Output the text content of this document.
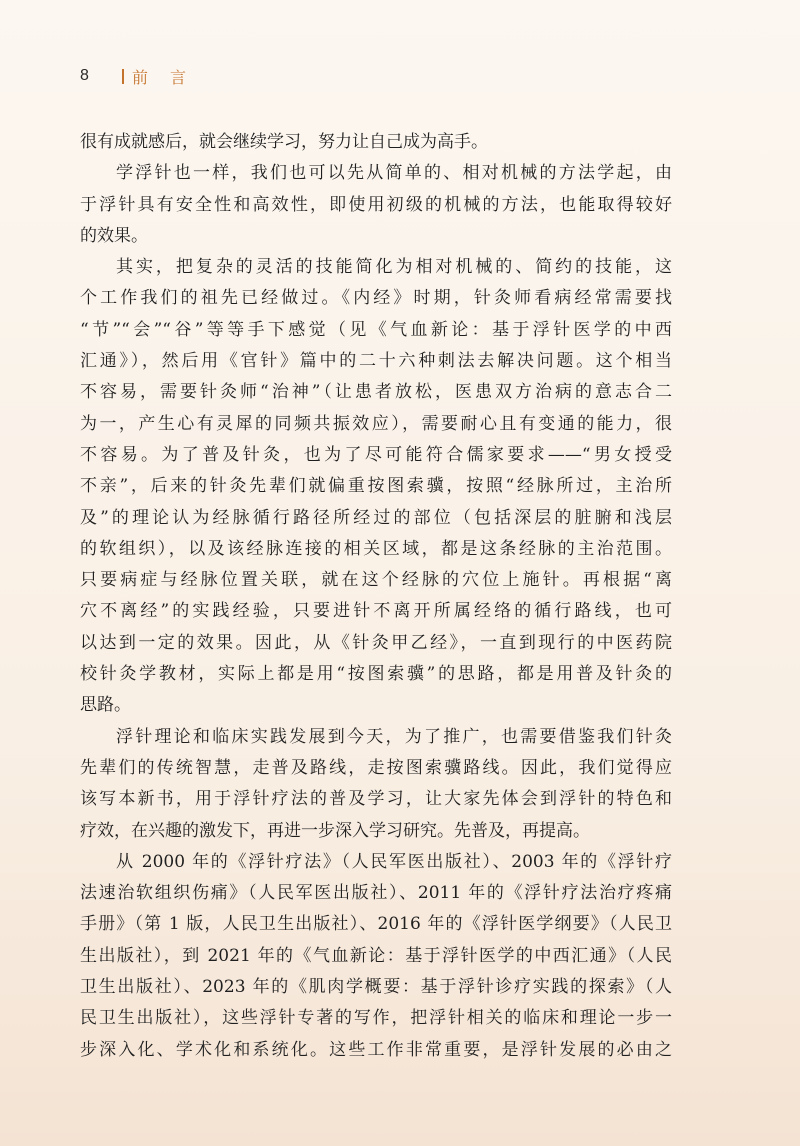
8	前言
很有成就感后，就会继续学习，努力让自己成为高手。
学浮针也一样，我们也可以先从简单的、相对机械的方法学起，由
于浮针具有安全性和高效性，即使用初级的机械的方法，也能取得较好
的效果。
其实，把复杂的灵活的技能简化为相对机械的、简约的技能，这
个工作我们的祖先已经做过。《内经》时期，针灸师看病经常需要找
“节”“会”“谷”等等手下感觉（见《气血新论：基于浮针医学的中西
汇通》），然后用《官针》篇中的二十六种刺法去解决问题。这个相当
不容易，需要针灸师“治神”（让患者放松，医患双方治病的意志合二
为一，产生心有灵犀的同频共振效应），需要耐心且有变通的能力，很
不容易。为了普及针灸，也为了尽可能符合儒家要求——“男女授受
不亲”，后来的针灸先辈们就偏重按图索骥，按照“经脉所过，主治所
及”的理论认为经脉循行路径所经过的部位（包括深层的脏腑和浅层
的软组织），以及该经脉连接的相关区域，都是这条经脉的主治范围。
只要病症与经脉位置关联，就在这个经脉的穴位上施针。再根据“离
穴不离经”的实践经验，只要进针不离开所属经络的循行路线，也可
以达到一定的效果。因此，从《针灸甲乙经》，一直到现行的中医药院
校针灸学教材，实际上都是用“按图索骥”的思路，都是用普及针灸的
思路。
浮针理论和临床实践发展到今天，为了推广，也需要借鉴我们针灸
先辈们的传统智慧，走普及路线，走按图索骥路线。因此，我们觉得应
该写本新书，用于浮针疗法的普及学习，让大家先体会到浮针的特色和
疗效，在兴趣的激发下，再进一步深入学习研究。先普及，再提高。
从 2000 年的《浮针疗法》（人民军医出版社）、2003 年的《浮针疗
法速治软组织伤痛》（人民军医出版社）、2011 年的《浮针疗法治疗疼痛
手册》（第 1 版，人民卫生出版社）、2016 年的《浮针医学纲要》（人民卫
生出版社），到 2021 年的《气血新论：基于浮针医学的中西汇通》（人民
卫生出版社）、2023 年的《肌肉学概要：基于浮针诊疗实践的探索》（人
民卫生出版社），这些浮针专著的写作，把浮针相关的临床和理论一步一
步深入化、学术化和系统化。这些工作非常重要，是浮针发展的必由之
